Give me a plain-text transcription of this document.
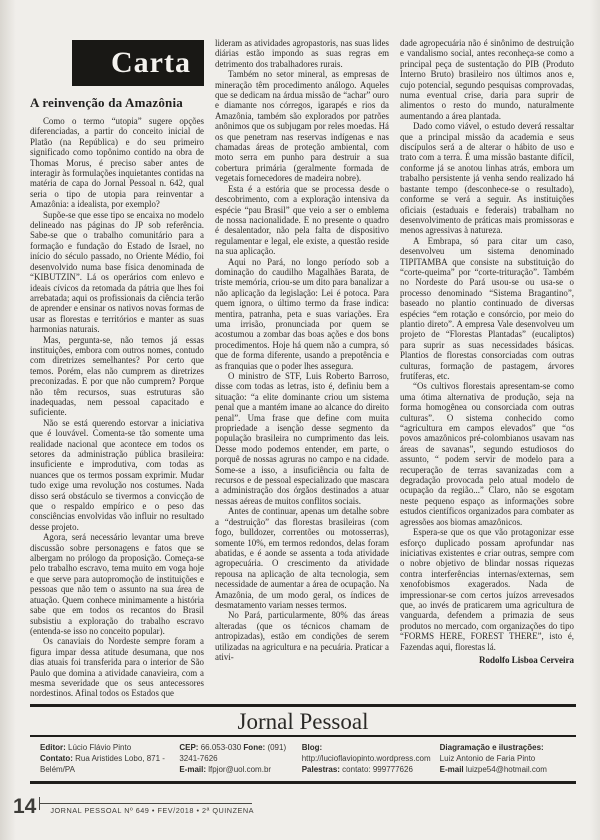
Carta
A reinvenção da Amazônia

Como o termo “utopia” sugere opções diferenciadas, a partir do conceito inicial de Platão (na República) e do seu primeiro significado como topônimo contido na obra de Thomas Morus, é preciso saber antes de interagir às formulações inquietantes contidas na matéria de capa do Jornal Pessoal n. 642, qual seria o tipo de utopia para reinventar a Amazônia: a idealista, por exemplo?

Supõe-se que esse tipo se encaixa no modelo delineado nas páginas do JP sob referência. Sabe-se que o trabalho comunitário para a formação e fundação do Estado de Israel, no início do século passado, no Oriente Médio, foi desenvolvido numa base física denominada de “KIBUTZIN”. Lá os operários com enlevo e ideais cívicos da retomada da pátria que lhes foi arrebatada; aqui os profissionais da ciência terão de aprender e ensinar os nativos novas formas de usar as florestas e territórios e manter as suas harmonias naturais.

Mas, pergunta-se, não temos já essas instituições, embora com outros nomes, contudo com diretrizes semelhantes? Por certo que temos. Porém, elas não cumprem as diretrizes preconizadas. E por que não cumprem? Porque não têm recursos, suas estruturas são inadequadas, nem pessoal capacitado e suficiente.

Não se está querendo estorvar a iniciativa que é louvável. Comenta-se tão somente uma realidade nacional que acontece em todos os setores da administração pública brasileira: insuficiente e improdutiva, com todas as nuances que os termos possam exprimir. Mudar tudo exige uma revolução nos costumes. Nada disso será obstáculo se tivermos a convicção de que o respaldo empírico e o peso das consciências envolvidas vão influir no resultado desse projeto.

Agora, será necessário levantar uma breve discussão sobre personagens e fatos que se albergam no prólogo da proposição. Começa-se pelo trabalho escravo, tema muito em voga hoje e que serve para autopromoção de instituições e pessoas que não tem o assunto na sua área de atuação. Quem conhece minimamente a história sabe que em todos os recantos do Brasil subsistiu a exploração do trabalho escravo (entenda-se isso no conceito popular).

Os canaviais do Nordeste sempre foram a figura impar dessa atitude desumana, que nos dias atuais foi transferida para o interior de São Paulo que domina a atividade canavieira, com a mesma severidade que os seus antecessores nordestinos. Afinal todos os Estados que

lideram as atividades agropastoris, nas suas lides diárias estão impondo as suas regras em detrimento dos trabalhadores rurais.

Também no setor mineral, as empresas de mineração têm procedimento análogo. Aqueles que se dedicam na árdua missão de “achar” ouro e diamante nos córregos, igarapés e rios da Amazônia, também são explorados por patrões anônimos que os subjugam por reles moedas. Há os que penetram nas reservas indígenas e nas chamadas áreas de proteção ambiental, com moto serra em punho para destruir a sua cobertura primária (geralmente formada de vegetais fornecedores de madeira nobre).

Esta é a estória que se processa desde o descobrimento, com a exploração intensiva da espécie “pau Brasil” que veio a ser o emblema de nossa nacionalidade. E no presente o quadro é desalentador, não pela falta de dispositivo regulamentar e legal, ele existe, a questão reside na sua aplicação.

Aqui no Pará, no longo período sob a dominação do caudilho Magalhães Barata, de triste memória, criou-se um dito para banalizar a não aplicação da legislação: Lei é potoca. Para quem ignora, o último termo da frase indica: mentira, patranha, peta e suas variações. Era uma irrisão, pronunciada por quem se acostumou a zombar das boas ações e dos bons procedimentos. Hoje há quem não a cumpra, só que de forma diferente, usando a prepotência e as franquias que o poder lhes assegura.

O ministro de STF, Luis Roberto Barroso, disse com todas as letras, isto é, definiu bem a situação: “a elite dominante criou um sistema penal que a mantém imane ao alcance do direito penal”. Uma frase que define com muita propriedade a isenção desse segmento da população brasileira no cumprimento das leis. Desse modo podemos entender, em parte, o porquê de nossas agruras no campo e na cidade. Some-se a isso, a insuficiência ou falta de recursos e de pessoal especializado que mascara a administração dos órgãos destinados a atuar nessas aéreas de muitos conflitos sociais.

Antes de continuar, apenas um detalhe sobre a “destruição” das florestas brasileiras (com fogo, bulldozer, correntões ou motosserras), somente 10%, em termos redondos, delas foram abatidas, e é aonde se assenta a toda atividade agropecuária. O crescimento da atividade repousa na aplicação de alta tecnologia, sem necessidade de aumentar a área de ocupação. Na Amazônia, de um modo geral, os índices de desmatamento variam nesses termos.

No Pará, particularmente, 80% das áreas alteradas (que os técnicos chamam de antropizadas), estão em condições de serem utilizadas na agricultura e na pecuária. Praticar a ativi-

dade agropecuária não é sinônimo de destruição e vandalismo social, antes reconheça-se como a principal peça de sustentação do PIB (Produto Interno Bruto) brasileiro nos últimos anos e, cujo potencial, segundo pesquisas comprovadas, numa eventual crise, daria para suprir de alimentos o resto do mundo, naturalmente aumentando a área plantada.

Dado como viável, o estudo deverá ressaltar que a principal missão da academia e seus discípulos será a de alterar o hábito de uso e trato com a terra. É uma missão bastante difícil, conforme já se anotou linhas atrás, embora um trabalho persistente já venha sendo realizado há bastante tempo (desconhece-se o resultado), conforme se verá a seguir. As instituições oficiais (estaduais e federais) trabalham no desenvolvimento de práticas mais promissoras e menos agressivas à natureza.

A Embrapa, só para citar um caso, desenvolveu um sistema denominado TIPITAMBA que consiste na substituição do “corte-queima” por “corte-trituração”. Também no Nordeste do Pará usou-se ou usa-se o processo denominado “Sistema Bragantino”, baseado no plantio continuado de diversas espécies “em rotação e consórcio, por meio do plantio direto”. A empresa Vale desenvolveu um projeto de “Florestas Plantadas” (eucaliptos) para suprir as suas necessidades básicas. Plantios de florestas consorciadas com outras culturas, formação de pastagem, árvores frutíferas, etc.

“Os cultivos florestais apresentam-se como uma ótima alternativa de produção, seja na forma homogênea ou consorciada com outras culturas”. O sistema conhecido como “agricultura em campos elevados” que “os povos amazônicos pré-colombianos usavam nas áreas de savanas”, segundo estudiosos do assunto, “ podem servir de modelo para a recuperação de terras savanizadas com a degradação provocada pelo atual modelo de ocupação da região...” Claro, não se esgotam neste pequeno espaço as informações sobre estudos científicos organizados para combater as agressões aos biomas amazônicos.

Espera-se que os que vão protagonizar esse esforço duplicado possam aprofundar nas iniciativas existentes e criar outras, sempre com o nobre objetivo de blindar nossas riquezas contra interferências internas/externas, sem xenofobismos exagerados. Nada de impressionar-se com certos juízos arrevesados que, ao invés de praticarem uma agricultura de vanguarda, defendem a primazia de seus produtos no mercado, com organizações do tipo “FORMS HERE, FOREST THERE”, isto é, Fazendas aqui, florestas lá.

Rodolfo Lisboa Cerveira

Jornal Pessoal
Editor: Lúcio Flávio Pinto
Contato: Rua Aristides Lobo, 871 - Belém/PA
CEP: 66.053-030 Fone: (091) 3241-7626
E-mail: lfpjor@uol.com.br
Blog: http://lucioflaviopinto.wordpress.com
Palestras: contato: 999777626
Diagramação e ilustrações:
Luiz Antonio de Faria Pinto
E-mail luizpe54@hotmail.com
14	JORNAL PESSOAL Nº 649 • FEV/2018 • 2ª QUINZENA
